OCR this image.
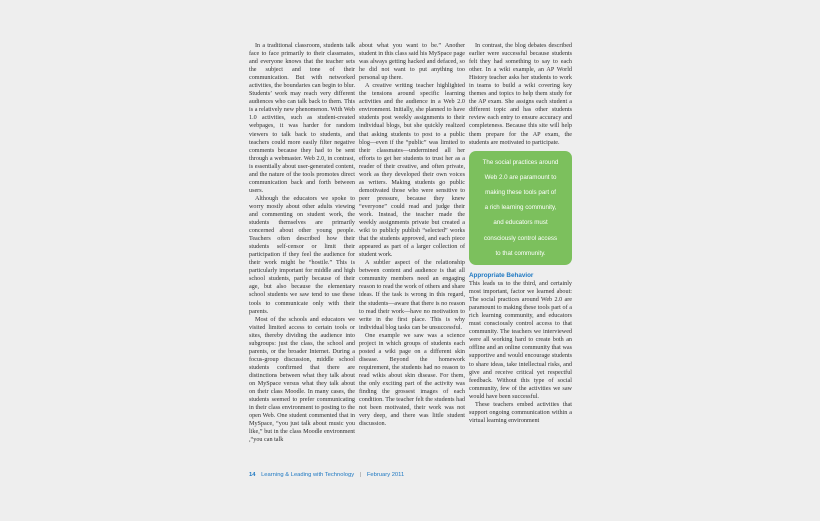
In a traditional classroom, students talk face to face primarily to their classmates, and everyone knows that the teacher sets the subject and tone of their communication. But with networked activities, the boundaries can begin to blur. Students’ work may reach very different audiences who can talk back to them. This is a relatively new phenomenon. With Web 1.0 activities, such as student-created webpages, it was harder for random viewers to talk back to students, and teachers could more easily filter negative comments because they had to be sent through a webmaster. Web 2.0, in contrast, is essentially about user-generated content, and the nature of the tools promotes direct communication back and forth between users.

Although the educators we spoke to worry mostly about other adults viewing and commenting on student work, the students themselves are primarily concerned about other young people. Teachers often described how their students self-censor or limit their participation if they feel the audience for their work might be “hostile.” This is particularly important for middle and high school students, partly because of their age, but also because the elementary school students we saw tend to use these tools to communicate only with their parents.

Most of the schools and educators we visited limited access to certain tools or sites, thereby dividing the audience into subgroups: just the class, the school and parents, or the broader Internet. During a focus-group discussion, middle school students confirmed that there are distinctions between what they talk about on MySpace versus what they talk about on their class Moodle. In many cases, the students seemed to prefer communicating in their class environment to posting to the open Web. One student commented that in MySpace, “you just talk about music you like,” but in the class Moodle environment ,“you can talk

about what you want to be.” Another student in this class said his MySpace page was always getting hacked and defaced, so he did not want to put anything too personal up there.

A creative writing teacher highlighted the tensions around specific learning activities and the audience in a Web 2.0 environment. Initially, she planned to have students post weekly assignments to their individual blogs, but she quickly realized that asking students to post to a public blog—even if the “public” was limited to their classmates—undermined all her efforts to get her students to trust her as a reader of their creative, and often private, work as they developed their own voices as writers. Making students go public demotivated those who were sensitive to peer pressure, because they knew “everyone” could read and judge their work. Instead, the teacher made the weekly assignments private but created a wiki to publicly publish “selected” works that the students approved, and each piece appeared as part of a larger collection of student work.

A subtler aspect of the relationship between content and audience is that all community members need an engaging reason to read the work of others and share ideas. If the task is wrong in this regard, the students—aware that there is no reason to read their work—have no motivation to write in the first place. This is why individual blog tasks can be unsuccessful.

One example we saw was a science project in which groups of students each posted a wiki page on a different skin disease. Beyond the homework requirement, the students had no reason to read wikis about skin disease. For them, the only exciting part of the activity was finding the grossest images of each condition. The teacher felt the students had not been motivated, their work was not very deep, and there was little student discussion.

In contrast, the blog debates described earlier were successful because students felt they had something to say to each other. In a wiki example, an AP World History teacher asks her students to work in teams to build a wiki covering key themes and topics to help them study for the AP exam. She assigns each student a different topic and has other students review each entry to ensure accuracy and completeness. Because this site will help them prepare for the AP exam, the students are motivated to participate.

The social practices around
Web 2.0 are paramount to
making these tools part of
a rich learning community,
and educators must
consciously control access
to that community.
Appropriate Behavior

This leads us to the third, and certainly most important, factor we learned about: The social practices around Web 2.0 are paramount to making these tools part of a rich learning community, and educators must consciously control access to that community. The teachers we interviewed were all working hard to create both an offline and an online community that was supportive and would encourage students to share ideas, take intellectual risks, and give and receive critical yet respectful feedback. Without this type of social community, few of the activities we saw would have been successful.

These teachers embed activities that support ongoing communication within a virtual learning environment

14 Learning & Leading with Technology | February 2011
